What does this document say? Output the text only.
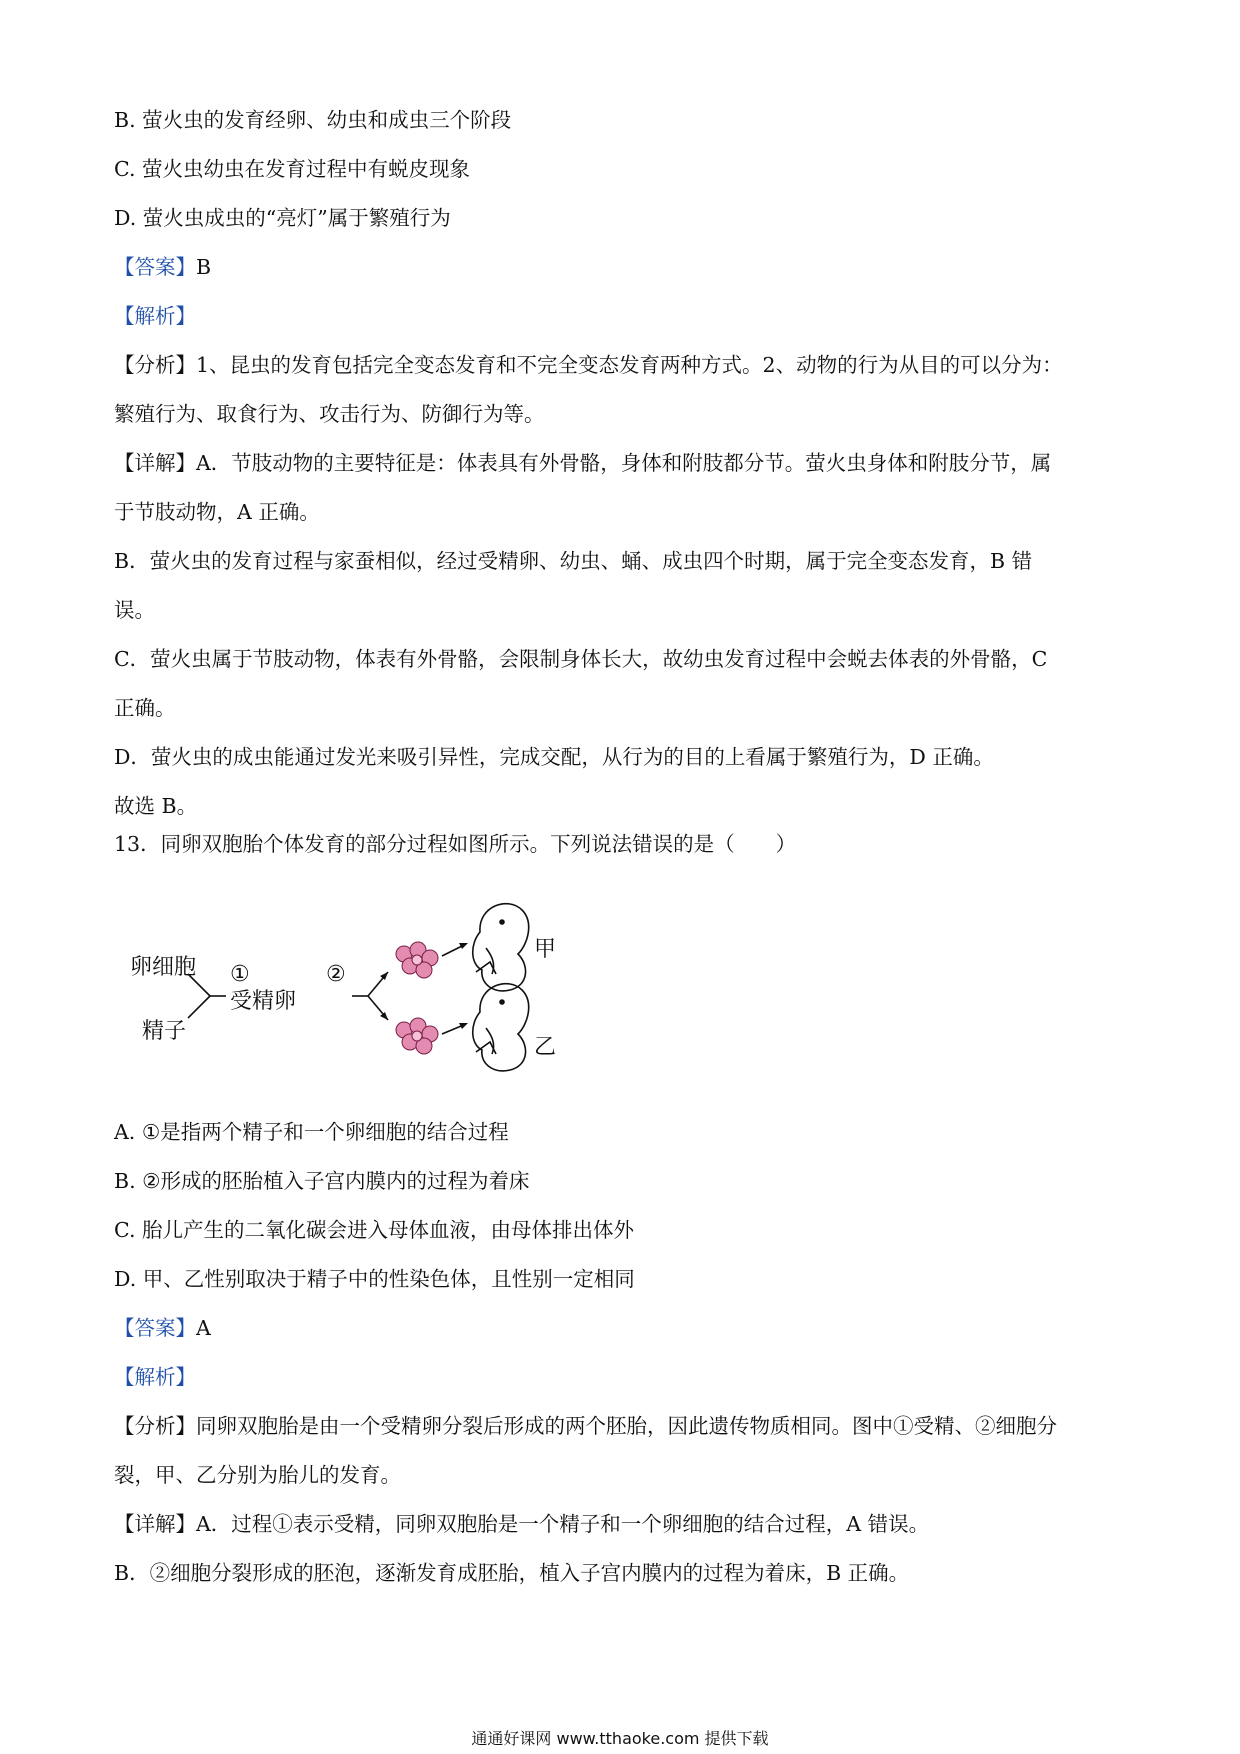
B. 萤火虫的发育经卵、幼虫和成虫三个阶段
C. 萤火虫幼虫在发育过程中有蜕皮现象
D. 萤火虫成虫的“亮灯”属于繁殖行为
【答案】B
【解析】
【分析】1、昆虫的发育包括完全变态发育和不完全变态发育两种方式。2、动物的行为从目的可以分为：
繁殖行为、取食行为、攻击行为、防御行为等。
【详解】A．节肢动物的主要特征是：体表具有外骨骼，身体和附肢都分节。萤火虫身体和附肢分节，属
于节肢动物，A 正确。
B．萤火虫的发育过程与家蚕相似，经过受精卵、幼虫、蛹、成虫四个时期，属于完全变态发育，B 错
误。
C．萤火虫属于节肢动物，体表有外骨骼，会限制身体长大，故幼虫发育过程中会蜕去体表的外骨骼，C
正确。
D．萤火虫的成虫能通过发光来吸引异性，完成交配，从行为的目的上看属于繁殖行为，D 正确。
故选 B。
13．同卵双胞胎个体发育的部分过程如图所示。下列说法错误的是（　　）
卵细胞
精子
①
受精卵
②
甲
乙
A. ①是指两个精子和一个卵细胞的结合过程
B. ②形成的胚胎植入子宫内膜内的过程为着床
C. 胎儿产生的二氧化碳会进入母体血液，由母体排出体外
D. 甲、乙性别取决于精子中的性染色体，且性别一定相同
【答案】A
【解析】
【分析】同卵双胞胎是由一个受精卵分裂后形成的两个胚胎，因此遗传物质相同。图中①受精、②细胞分
裂，甲、乙分别为胎儿的发育。
【详解】A．过程①表示受精，同卵双胞胎是一个精子和一个卵细胞的结合过程，A 错误。
B．②细胞分裂形成的胚泡，逐渐发育成胚胎，植入子宫内膜内的过程为着床，B 正确。
通通好课网 www.tthaoke.com 提供下载
